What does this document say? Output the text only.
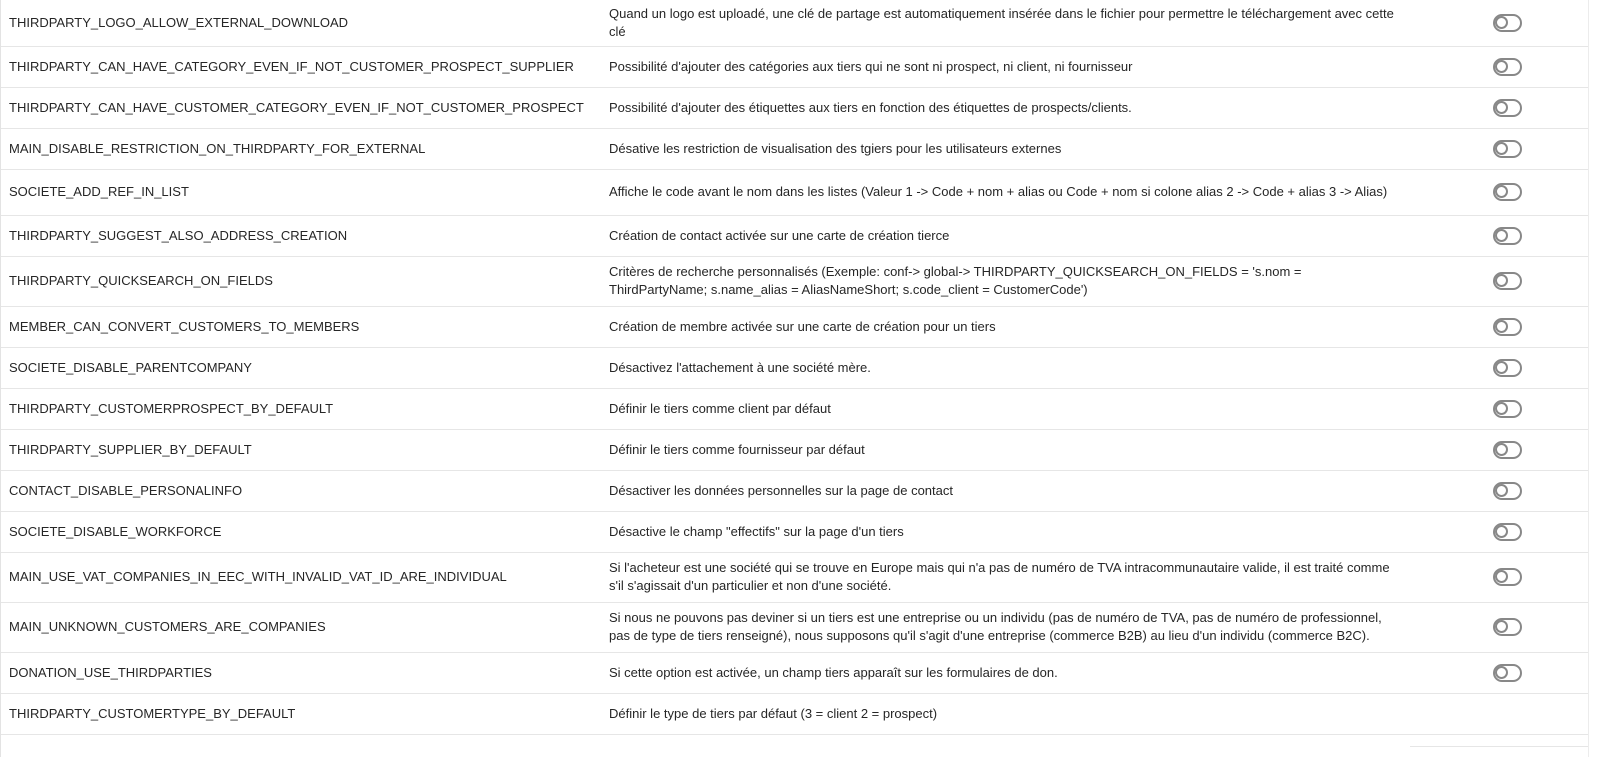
THIRDPARTY_LOGO_ALLOW_EXTERNAL_DOWNLOAD	Quand un logo est uploadé, une clé de partage est automatiquement insérée dans le fichier pour permettre le téléchargement avec cette clé	

THIRDPARTY_CAN_HAVE_CATEGORY_EVEN_IF_NOT_CUSTOMER_PROSPECT_SUPPLIER	Possibilité d'ajouter des catégories aux tiers qui ne sont ni prospect, ni client, ni fournisseur	

THIRDPARTY_CAN_HAVE_CUSTOMER_CATEGORY_EVEN_IF_NOT_CUSTOMER_PROSPECT	Possibilité d'ajouter des étiquettes aux tiers en fonction des étiquettes de prospects/clients.	

MAIN_DISABLE_RESTRICTION_ON_THIRDPARTY_FOR_EXTERNAL	Désative les restriction de visualisation des tgiers pour les utilisateurs externes	

SOCIETE_ADD_REF_IN_LIST	Affiche le code avant le nom dans les listes (Valeur 1 -> Code + nom + alias ou Code + nom si colone alias 2 -> Code + alias 3 -> Alias)	

THIRDPARTY_SUGGEST_ALSO_ADDRESS_CREATION	Création de contact activée sur une carte de création tierce	

THIRDPARTY_QUICKSEARCH_ON_FIELDS	Critères de recherche personnalisés (Exemple: conf-> global-> THIRDPARTY_QUICKSEARCH_ON_FIELDS = 's.nom = ThirdPartyName; s.name_alias = AliasNameShort; s.code_client = CustomerCode')	

MEMBER_CAN_CONVERT_CUSTOMERS_TO_MEMBERS	Création de membre activée sur une carte de création pour un tiers	

SOCIETE_DISABLE_PARENTCOMPANY	Désactivez l'attachement à une société mère.	

THIRDPARTY_CUSTOMERPROSPECT_BY_DEFAULT	Définir le tiers comme client par défaut	

THIRDPARTY_SUPPLIER_BY_DEFAULT	Définir le tiers comme fournisseur par défaut	

CONTACT_DISABLE_PERSONALINFO	Désactiver les données personnelles sur la page de contact	

SOCIETE_DISABLE_WORKFORCE	Désactive le champ "effectifs" sur la page d'un tiers	

MAIN_USE_VAT_COMPANIES_IN_EEC_WITH_INVALID_VAT_ID_ARE_INDIVIDUAL	Si l'acheteur est une société qui se trouve en Europe mais qui n'a pas de numéro de TVA intracommunautaire valide, il est traité comme s'il s'agissait d'un particulier et non d'une société.	

MAIN_UNKNOWN_CUSTOMERS_ARE_COMPANIES	Si nous ne pouvons pas deviner si un tiers est une entreprise ou un individu (pas de numéro de TVA, pas de numéro de professionnel, pas de type de tiers renseigné), nous supposons qu'il s'agit d'une entreprise (commerce B2B) au lieu d'un individu (commerce B2C).	

DONATION_USE_THIRDPARTIES	Si cette option est activée, un champ tiers apparaît sur les formulaires de don.	

THIRDPARTY_CUSTOMERTYPE_BY_DEFAULT	Définir le type de tiers par défaut (3 = client 2 = prospect)	
